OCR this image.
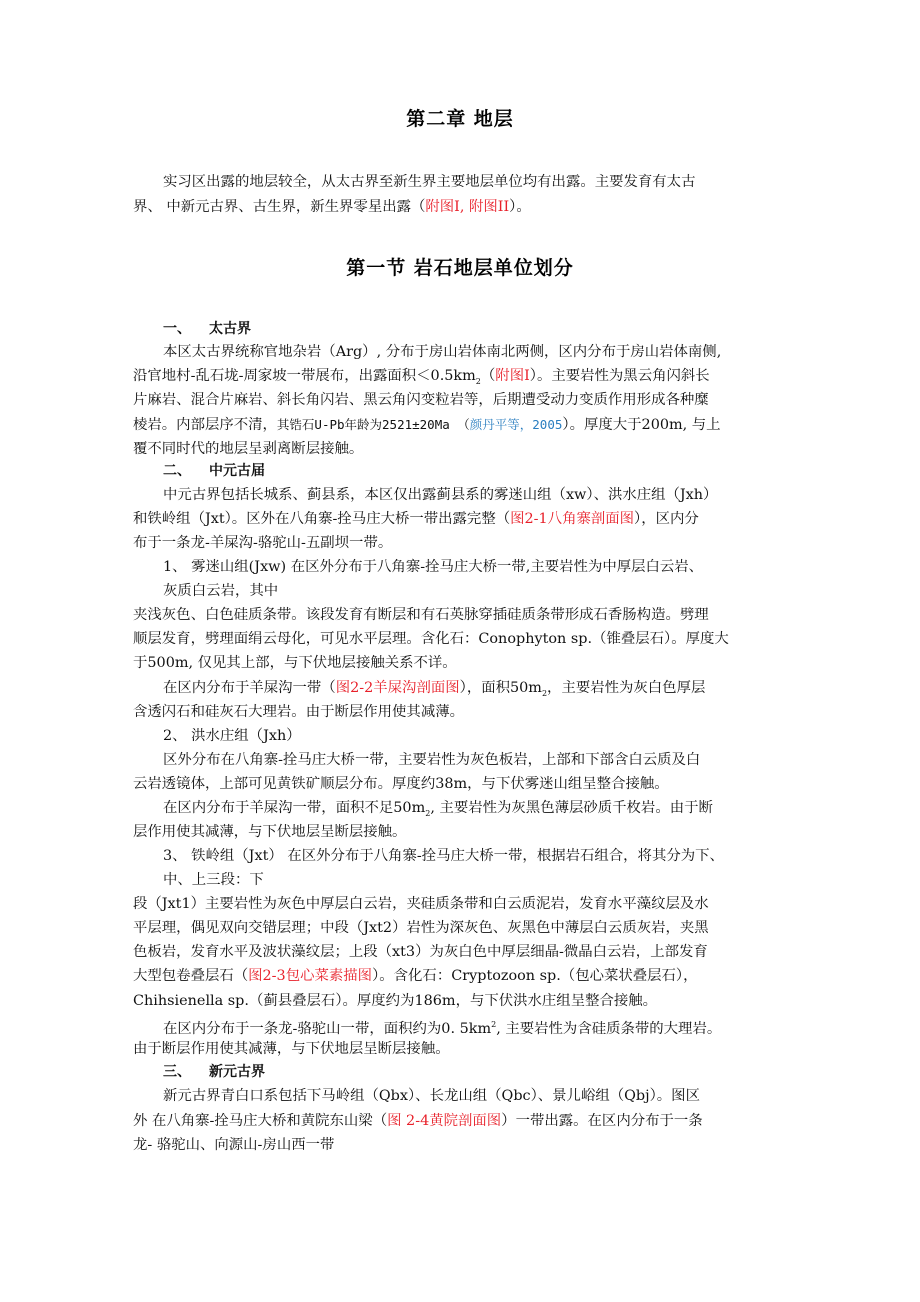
第二章 地层
实习区出露的地层较全，从太古界至新生界主要地层单位均有出露。主要发育有太古
界、 中新元古界、古生界，新生界零星出露（附图I, 附图II）。
第一节 岩石地层单位划分
一、 太古界
本区太古界统称官地杂岩（Arg）, 分布于房山岩体南北两侧，区内分布于房山岩体南侧,
沿官地村-乱石垅-周家坡一带展布，出露面积$<0.5km_2$（附图I）。主要岩性为黑云角闪斜长
片麻岩、混合片麻岩、斜长角闪岩、黑云角闪变粒岩等，后期遭受动力变质作用形成各种糜
棱岩。内部层序不清，其锆石U-Pb年龄为2521±20Ma （颜丹平等，2005）。厚度大于200m, 与上
覆不同时代的地层呈剥离断层接触。
二、 中元古届
中元古界包括长城系、蓟县系，本区仅出露蓟县系的雾迷山组（xw）、洪水庄组（Jxh）
和铁岭组（Jxt）。区外在八角寨-拴马庄大桥一带出露完整（图2-1八角寨剖面图），区内分
布于一条龙-羊屎沟-骆驼山-五副坝一带。
1、 雾迷山组(Jxw) 在区外分布于八角寨-拴马庄大桥一带,主要岩性为中厚层白云岩、
灰质白云岩，其中
夹浅灰色、白色硅质条带。该段发育有断层和有石英脉穿插硅质条带形成石香肠构造。劈理
顺层发育，劈理面绢云母化，可见水平层理。含化石：Conophyton sp.（锥叠层石）。厚度大
于500m, 仅见其上部，与下伏地层接触关系不详。
在区内分布于羊屎沟一带（图2-2羊屎沟剖面图），面积$50m_2$，主要岩性为灰白色厚层
含透闪石和硅灰石大理岩。由于断层作用使其减薄。
2、 洪水庄组（Jxh）
区外分布在八角寨-拴马庄大桥一带，主要岩性为灰色板岩，上部和下部含白云质及白
云岩透镜体，上部可见黄铁矿顺层分布。厚度约38m，与下伏雾迷山组呈整合接触。
在区内分布于羊屎沟一带，面积不足$50m_2$, 主要岩性为灰黑色薄层砂质千枚岩。由于断
层作用使其减薄，与下伏地层呈断层接触。
3、 铁岭组（Jxt） 在区外分布于八角寨-拴马庄大桥一带，根据岩石组合，将其分为下、
中、上三段：下
段（Jxt1）主要岩性为灰色中厚层白云岩，夹硅质条带和白云质泥岩，发育水平藻纹层及水
平层理，偶见双向交错层理；中段（Jxt2）岩性为深灰色、灰黑色中薄层白云质灰岩，夹黑
色板岩，发育水平及波状藻纹层；上段（xt3）为灰白色中厚层细晶-微晶白云岩，上部发育
大型包卷叠层石（图2-3包心菜素描图）。含化石：Cryptozoon sp.（包心菜状叠层石），
Chihsienella sp.（蓟县叠层石）。厚度约为186m，与下伏洪水庄组呈整合接触。
在区内分布于一条龙-骆驼山一带，面积约为0. $5km^2$, 主要岩性为含硅质条带的大理岩。
由于断层作用使其减薄，与下伏地层呈断层接触。
三、 新元古界
新元古界青白口系包括下马岭组（Qbx）、长龙山组（Qbc）、景儿峪组（Qbj）。图区
外 在八角寨-拴马庄大桥和黄院东山梁（图 2-4黄院剖面图）一带出露。在区内分布于一条
龙- 骆驼山、向源山-房山西一带
